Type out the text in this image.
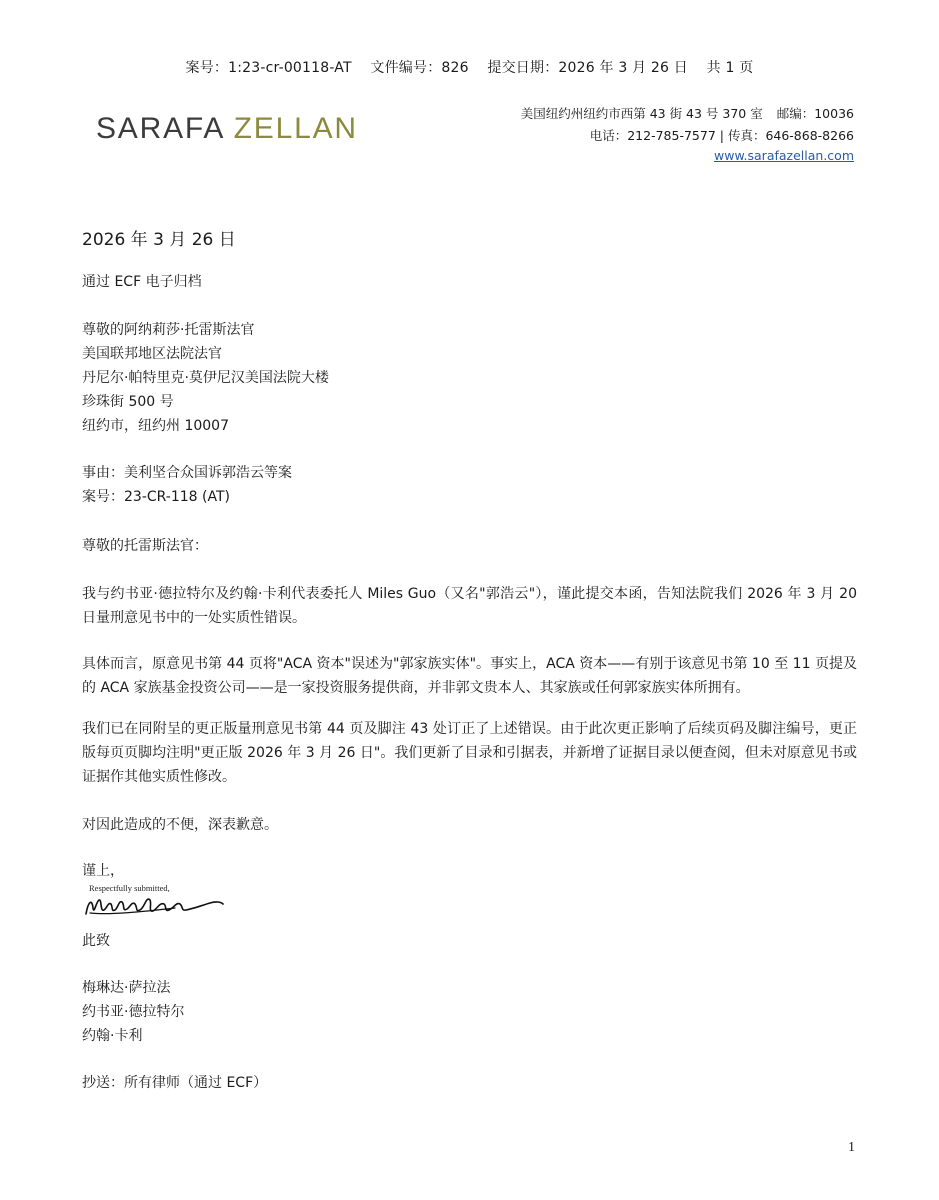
案号：1:23-cr-00118-AT 文件编号：826 提交日期：2026 年 3 月 26 日 共 1 页
SARAFA ZELLAN	美国纽约州纽约市西第 43 街 43 号 370 室 邮编：10036
电话：212-785-7577 | 传真：646-868-8266
www.sarafazellan.com
2026 年 3 月 26 日
通过 ECF 电子归档
尊敬的阿纳莉莎·托雷斯法官
美国联邦地区法院法官
丹尼尔·帕特里克·莫伊尼汉美国法院大楼
珍珠街 500 号
纽约市，纽约州 10007
事由：美利坚合众国诉郭浩云等案
案号：23-CR-118 (AT)
尊敬的托雷斯法官：
我与约书亚·德拉特尔及约翰·卡利代表委托人 Miles Guo（又名"郭浩云"），谨此提交本函，告知法院我们 2026 年 3 月 20 日量刑意见书中的一处实质性错误。
具体而言，原意见书第 44 页将"ACA 资本"误述为"郭家族实体"。事实上，ACA 资本——有别于该意见书第 10 至 11 页提及的 ACA 家族基金投资公司——是一家投资服务提供商，并非郭文贵本人、其家族或任何郭家族实体所拥有。
我们已在同附呈的更正版量刑意见书第 44 页及脚注 43 处订正了上述错误。由于此次更正影响了后续页码及脚注编号，更正版每页页脚均注明"更正版 2026 年 3 月 26 日"。我们更新了目录和引据表，并新增了证据目录以便查阅，但未对原意见书或证据作其他实质性修改。
对因此造成的不便，深表歉意。
谨上，
Respectfully submitted,
此致
梅琳达·萨拉法
约书亚·德拉特尔
约翰·卡利
抄送：所有律师（通过 ECF）
1
